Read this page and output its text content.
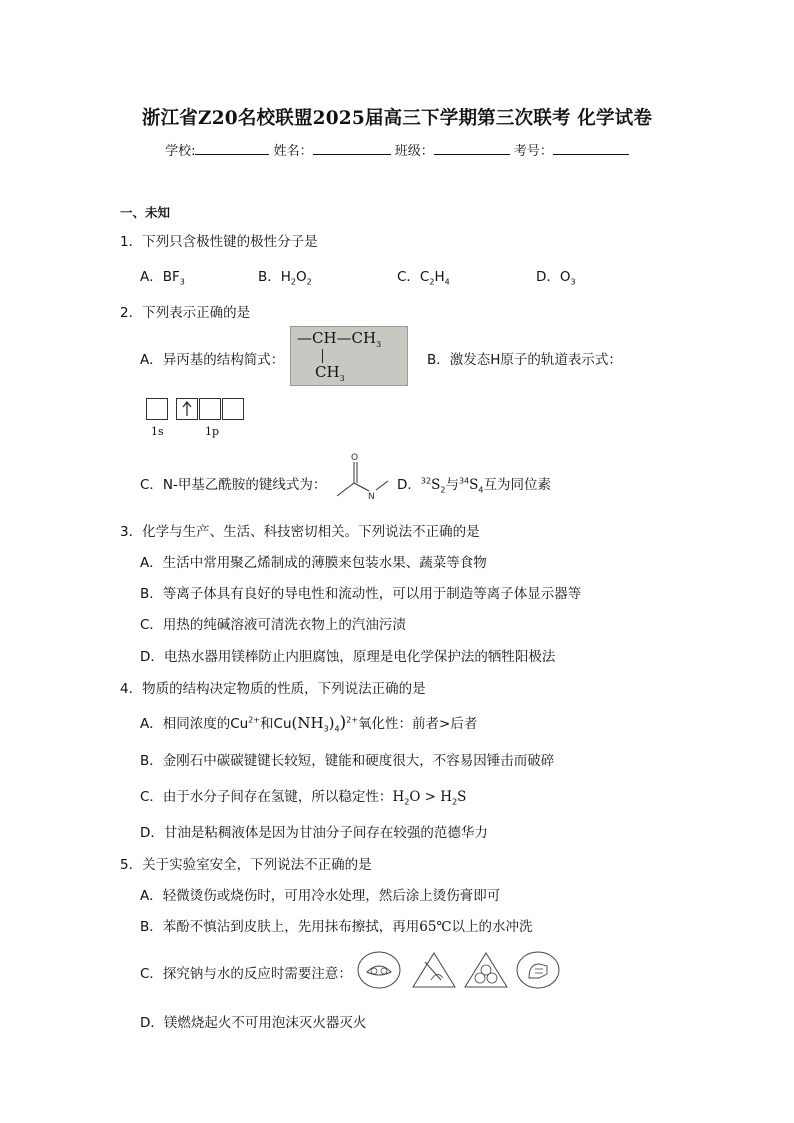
浙江省Z20名校联盟2025届高三下学期第三次联考 化学试卷
学校:	姓名：	班级：	考号：
一、未知
1．下列只含极性键的极性分子是
A．$BF_3$	B．$H_2O_2$	C．$C_2H_4$	D．$O_3$
2．下列表示正确的是
A．异丙基的结构简式：
$—CH—CH_3$
$CH_3$
B．激发态H原子的轨道表示式：
1s	1p
C．N-甲基乙酰胺的键线式为：
O
N
D．$^{32}S_2$与$^{34}S_4$互为同位素
3．化学与生产、生活、科技密切相关。下列说法不正确的是
A．生活中常用聚乙烯制成的薄膜来包装水果、蔬菜等食物
B．等离子体具有良好的导电性和流动性，可以用于制造等离子体显示器等
C．用热的纯碱溶液可清洗衣物上的汽油污渍
D．电热水器用镁棒防止内胆腐蚀，原理是电化学保护法的牺牲阳极法
4．物质的结构决定物质的性质，下列说法正确的是
A．相同浓度的$Cu^{2+}$和$Cu(NH_3)_4)^{2+}$氧化性：前者>后者
B．金刚石中碳碳键键长较短，键能和硬度很大，不容易因锤击而破碎
C．由于水分子间存在氢键，所以稳定性：$H_2O > H_2S$
D．甘油是粘稠液体是因为甘油分子间存在较强的范德华力
5．关于实验室安全，下列说法不正确的是
A．轻微烫伤或烧伤时，可用冷水处理，然后涂上烫伤膏即可
B．苯酚不慎沾到皮肤上，先用抹布擦拭，再用65℃以上的水冲洗
C．探究钠与水的反应时需要注意：
D．镁燃烧起火不可用泡沫灭火器灭火
